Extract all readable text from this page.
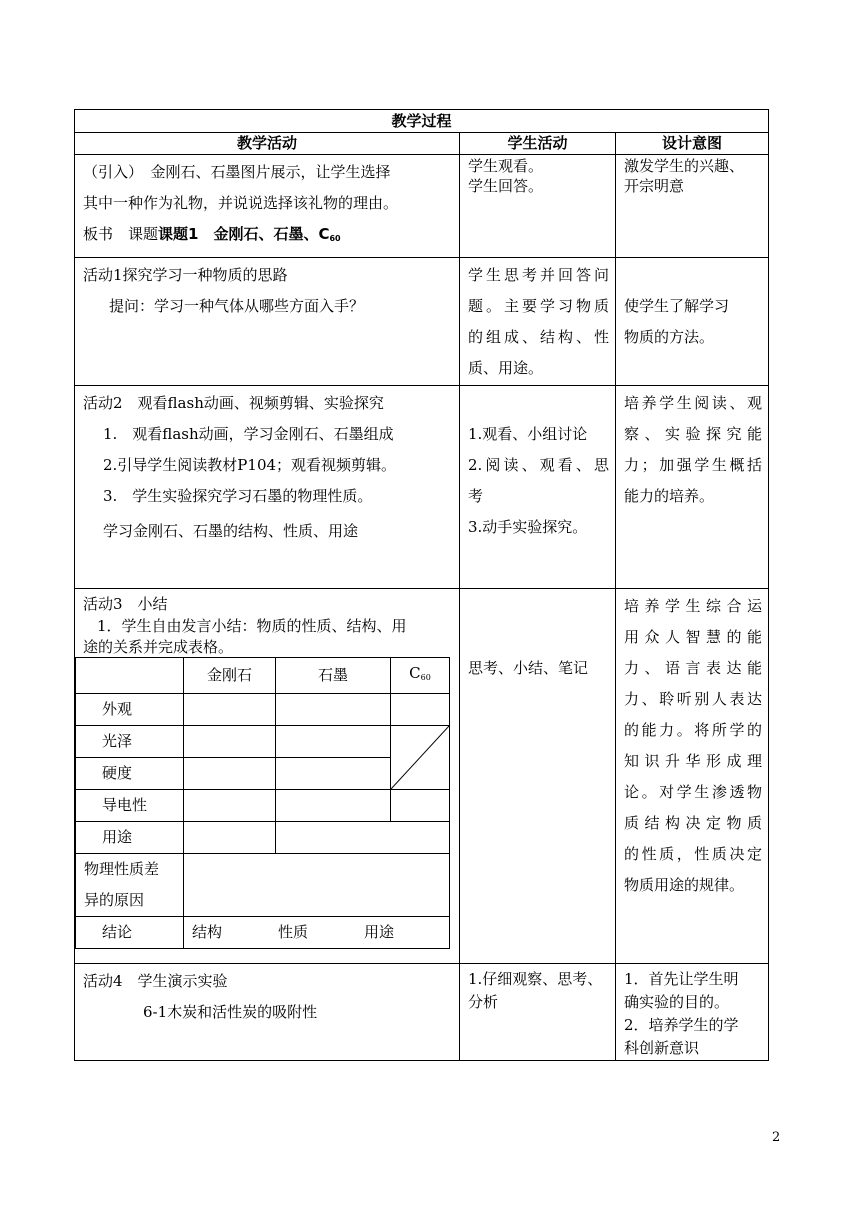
教学过程
教学活动	学生活动	设计意图

（引入）　金刚石、石墨图片展示，让学生选择
其中一种作为礼物，并说说选择该礼物的理由。
板书　课题课题1　金刚石、石墨、$C_{60}$

学生观看。
学生回答。

激发学生的兴趣、
开宗明意

活动1探究学习一种物质的思路
提问：学习一种气体从哪些方面入手？

学生思考并回答问
题。主要学习物质
的组成、结构、性
质、用途。

使学生了解学习
物质的方法。

活动2　观看flash动画、视频剪辑、实验探究
1.　观看flash动画，学习金刚石、石墨组成
2.引导学生阅读教材P104；观看视频剪辑。
3.　学生实验探究学习石墨的物理性质。
学习金刚石、石墨的结构、性质、用途

1.观看、小组讨论
2.阅读、观看、思
考
3.动手实验探究。

培养学生阅读、观
察、实验探究能
力；加强学生概括
能力的培养。

活动3　小结
1．学生自由发言小结：物质的性质、结构、用
途的关系并完成表格。
	金刚石	石墨	$C_{60}$
外观			
光泽			

硬度		
导电性			
用途		

物理性质差
异的原因

结论	结构	性质	用途

思考、小结、笔记

培养学生综合运
用众人智慧的能
力、语言表达能
力、聆听别人表达
的能力。将所学的
知识升华形成理
论。对学生渗透物
质结构决定物质
的性质，性质决定
物质用途的规律。

活动4　学生演示实验
6-1木炭和活性炭的吸附性

1.仔细观察、思考、
分析

1．首先让学生明
确实验的目的。
2．培养学生的学
科创新意识
2
